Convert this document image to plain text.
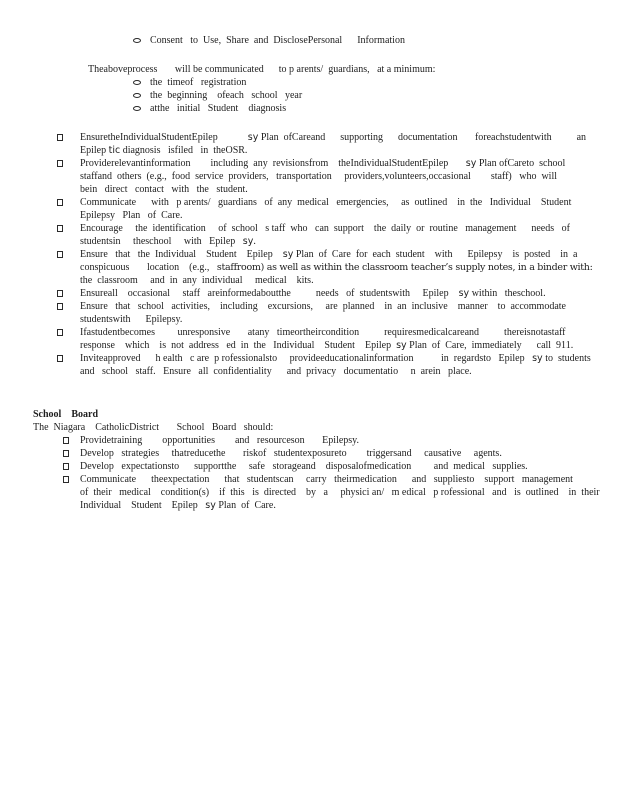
Consent   to  Use,  Share  and  DisclosePersonal      Information
Theaboveprocess       will be communicated      to p arents/  guardians,   at a minimum:
the  timeof   registration
the  beginning    ofeach   school   year
atthe   initial   Student    diagnosis
EnsuretheIndividualStudentEpilep            sy Plan  ofCareand      supporting      documentation       foreachstudentwith          an
Epilep tic diagnosis   isfiled   in  theOSR.
Providerelevantinformation        including  any  revisionsfrom    theIndividualStudentEpilep       sy Plan ofCareto  school
staffand  others  (e.g.,  food  service  providers,   transportation     providers,volunteers,occasional        staff)   who  will
bein   direct   contact   with   the   student.
Communicate      with   p arents/   guardians   of  any  medical   emergencies,     as  outlined    in  the   Individual    Student
Epilepsy   Plan   of  Care.
Encourage     the  identification     of  school   s taff  who   can  support    the  daily  or  routine   management      needs   of
studentsin     theschool     with   Epilep   sy.
Ensure   that   the  Individual    Student    Epilep    sy Plan  of  Care  for  each  student    with      Epilepsy    is  posted    in  a
conspicuous       location    (e.g.,   staffroom) as well as within the classroom teacher’s supply notes, in a binder with:
the  classroom     and  in  any  individual     medical    kits.
Ensureall    occasional     staff   areinformedaboutthe          needs   of  studentswith     Epilep    sy within   theschool.
Ensure   that   school   activities,    including    excursions,     are  planned    in  an  inclusive    manner    to  accommodate
studentswith      Epilepsy.
Ifastudentbecomes         unresponsive       atany   timeortheircondition          requiresmedicalcareand          thereisnotastaff
response    which    is  not  address   ed  in  the   Individual    Student    Epilep  sy Plan  of  Care,  immediately      call  911.
Inviteapproved      h ealth   c are  p rofessionalsto     provideeducationalinformation           in  regardsto   Epilep   sy to  students
and   school   staff.   Ensure   all  confidentiality      and  privacy   documentatio     n  arein   place.
School    Board
The  Niagara    CatholicDistrict       School   Board   should:
Providetraining        opportunities        and   resourceson       Epilepsy.
Develop   strategies     thatreducethe       riskof   studentexposureto        triggersand     causative     agents.
Develop   expectationsto      supportthe     safe   storageand    disposalofmedication         and  medical   supplies.
Communicate      theexpectation      that   studentscan     carry   theirmedication      and   suppliesto    support   management
of  their   medical    condition(s)    if  this   is  directed    by   a     physici an/   m edical   p rofessional   and   is  outlined    in  their
Individual    Student    Epilep   sy Plan  of  Care.
